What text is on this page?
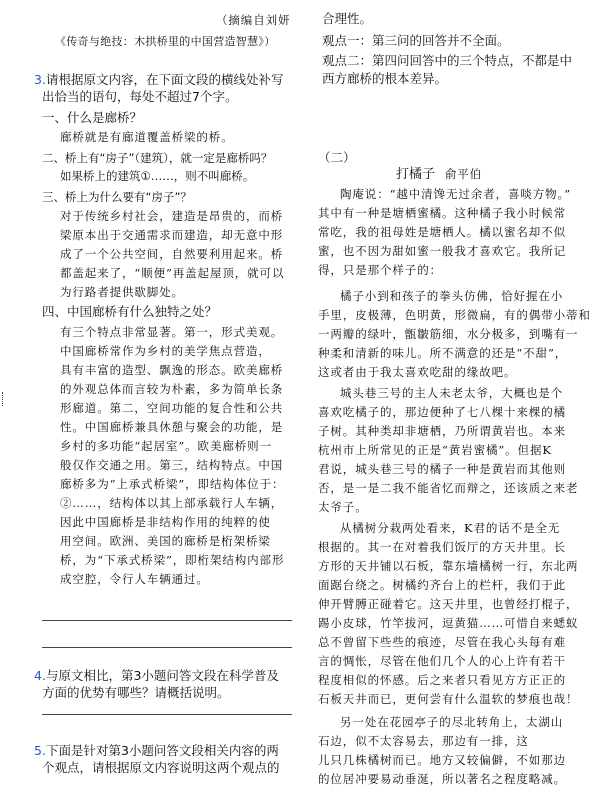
（摘编自刘妍
《传奇与绝技：木拱桥里的中国营造智慧》）
3.请根据原文内容，在下面文段的横线处补写
出恰当的语句，每处不超过7个字。
一、什么是廊桥？
廊桥就是有廊道覆盖桥梁的桥。
二、桥上有“房子”（建筑），就一定是廊桥吗？
如果桥上的建筑①……，则不叫廊桥。
三、桥上为什么要有“房子”？
对于传统乡村社会，建造是昂贵的，而桥
梁原本出于交通需求而建造，却无意中形
成了一个公共空间，自然要利用起来。桥
都盖起来了，“顺便”再盖起屋顶，就可以
为行路者提供歇脚处。
四、中国廊桥有什么独特之处？
有三个特点非常显著。第一，形式美观。
中国廊桥常作为乡村的美学焦点营造，
具有丰富的造型、飘逸的形态。欧美廊桥
的外观总体而言较为朴素，多为简单长条
形廊道。第二，空间功能的复合性和公共
性。中国廊桥兼具休憩与聚会的功能，是
乡村的多功能“起居室”。欧美廊桥则一
般仅作交通之用。第三，结构特点。中国
廊桥多为“上承式桥梁”，即结构体位于：
②……，结构体以其上部承载行人车辆，
因此中国廊桥是非结构作用的纯粹的使
用空间。欧洲、美国的廊桥是桁架桥梁
桥，为“下承式桥梁”，即桁架结构内部形
成空腔，令行人车辆通过。
4.与原文相比，第3小题问答文段在科学普及
方面的优势有哪些？请概括说明。
5.下面是针对第3小题问答文段相关内容的两
个观点，请根据原文内容说明这两个观点的
合理性。
观点一：第三问的回答并不全面。
观点二：第四问回答中的三个特点，不都是中
西方廊桥的根本差异。
（二）
打橘子 俞平伯
陶庵说：“越中清馋无过余者，喜啖方物。”
其中有一种是塘栖蜜橘。这种橘子我小时候常
常吃，我的祖母姓是塘栖人。橘以蜜名却不似
蜜，也不因为甜如蜜一般我才喜欢它。我所记
得，只是那个样子的：
橘子小到和孩子的拳头仿佛，恰好握在小
手里，皮极薄，色明黄，形微扁，有的偶带小蒂和
一两瓣的绿叶，甑皺筋细，水分极多，到嘴有一
种柔和清新的味儿。所不满意的还是“不甜”，
这或者由于我太喜欢吃甜的缘故吧。
城头巷三号的主人未老太爷，大概也是个
喜欢吃橘子的，那边便种了七八棵十来棵的橘
子树。其种类却非塘栖，乃所谓黄岩也。本来
杭州市上所常见的正是“黄岩蜜橘”。但据K
君说，城头巷三号的橘子一种是黄岩而其他则
否，是一是二我不能省忆而辩之，还该质之来老
太爷子。
从橘树分栽两处看来，K君的话不是全无
根据的。其一在对着我们饭厅的方天井里。长
方形的天井铺以石板，靠东墙橘树一行，东北两
面踞台绕之。树橘约齐台上的栏杆，我们于此
伸开臂膊正碰着它。这天井里，也曾经打棍子，
踢小皮球，竹竿拔河，逗黄猫……可惜自来蟋蚁
总不曾留下些些的痕迹，尽管在我心头每有难
言的惆怅，尽管在他们几个人的心上许有若干
程度相似的怀感。后之来者只看见方方正正的
石板天井而已，更何尝有什么温软的梦痕也哉！
另一处在花园亭子的尽北转角上，太湖山
石边，似不太容易去，那边有一排，这
儿只几株橘树而已。地方又较偏僻，不如那边
的位居冲要易动垂涎，所以著名之程度略减。
